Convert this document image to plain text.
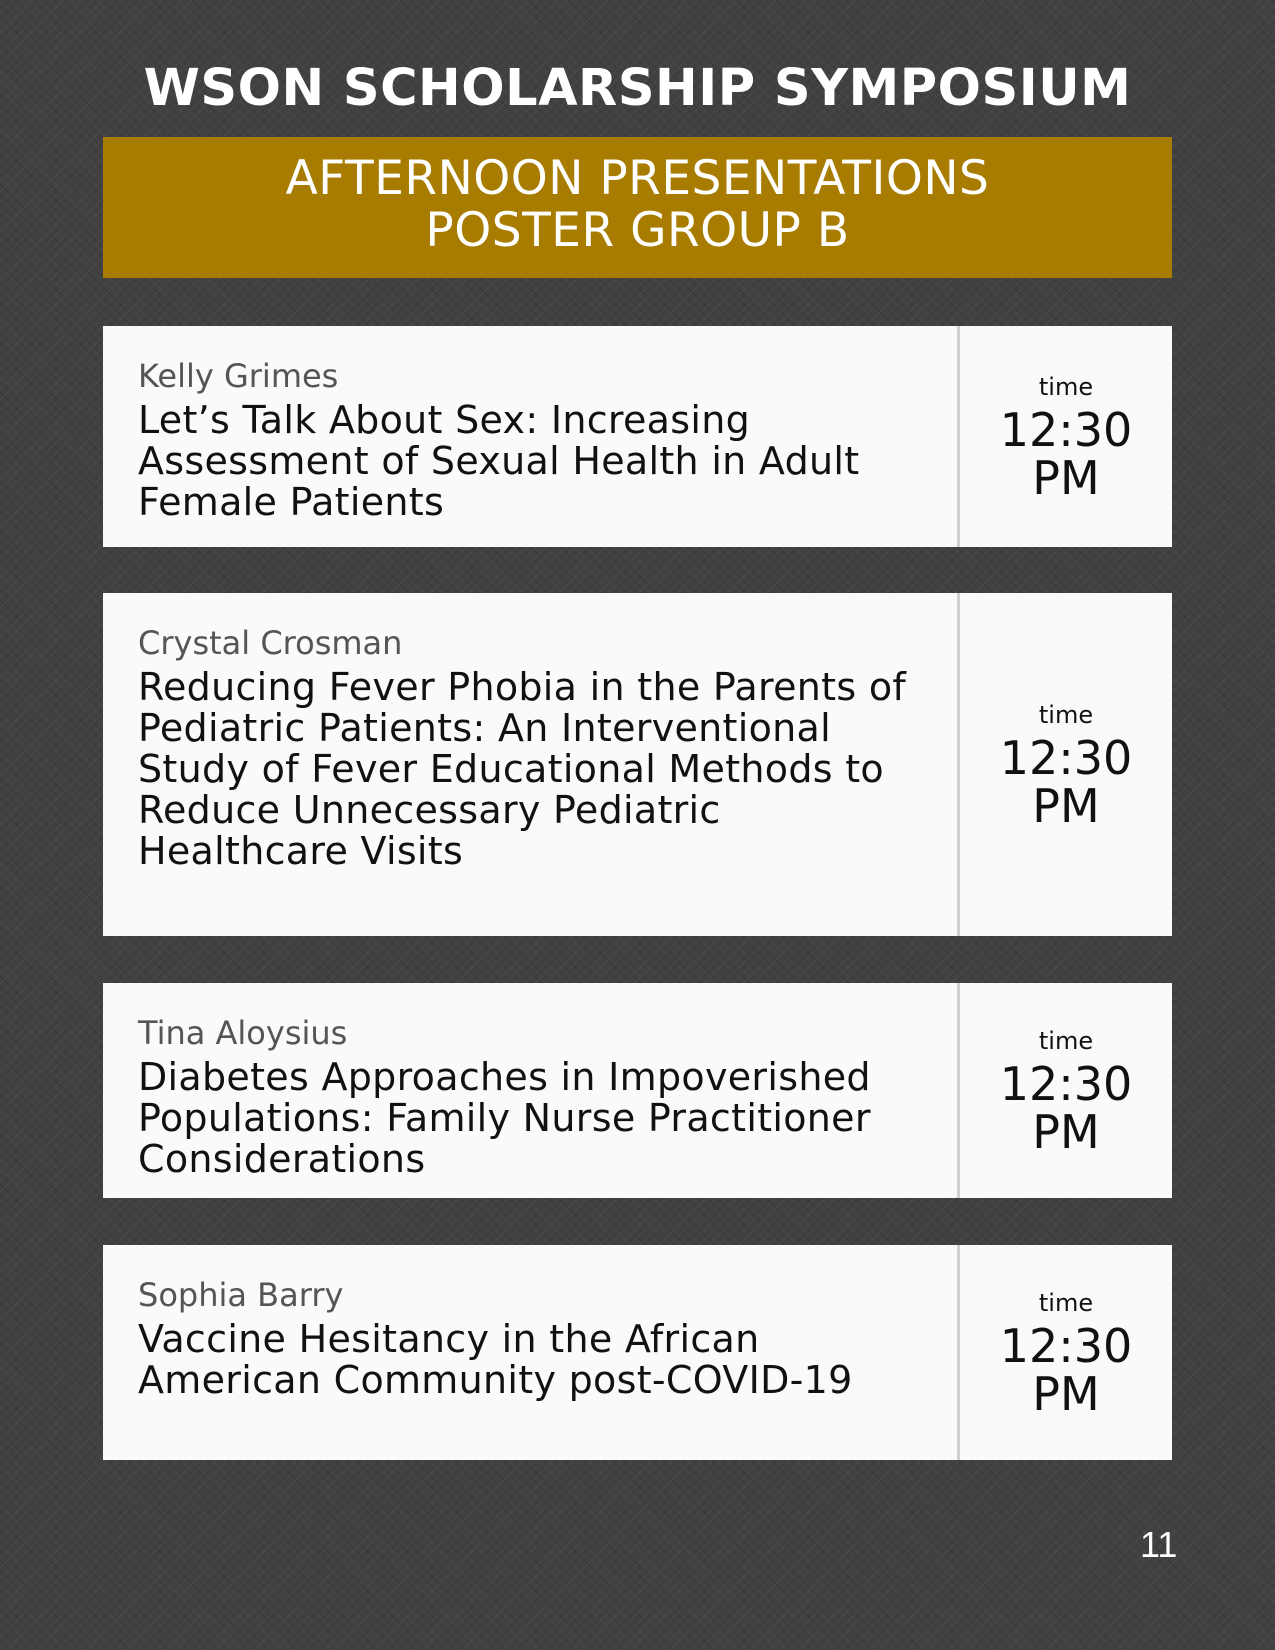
WSON SCHOLARSHIP SYMPOSIUM
AFTERNOON PRESENTATIONS
POSTER GROUP B
Kelly Grimes
Let’s Talk About Sex: Increasing Assessment of Sexual Health in Adult Female Patients
time
12:30 PM
Crystal Crosman
Reducing Fever Phobia in the Parents of Pediatric Patients: An Interventional Study of Fever Educational Methods to Reduce Unnecessary Pediatric Healthcare Visits
time
12:30 PM
Tina Aloysius
Diabetes Approaches in Impoverished Populations: Family Nurse Practitioner Considerations
time
12:30 PM
Sophia Barry
Vaccine Hesitancy in the African American Community post-COVID-19
time
12:30 PM
11
